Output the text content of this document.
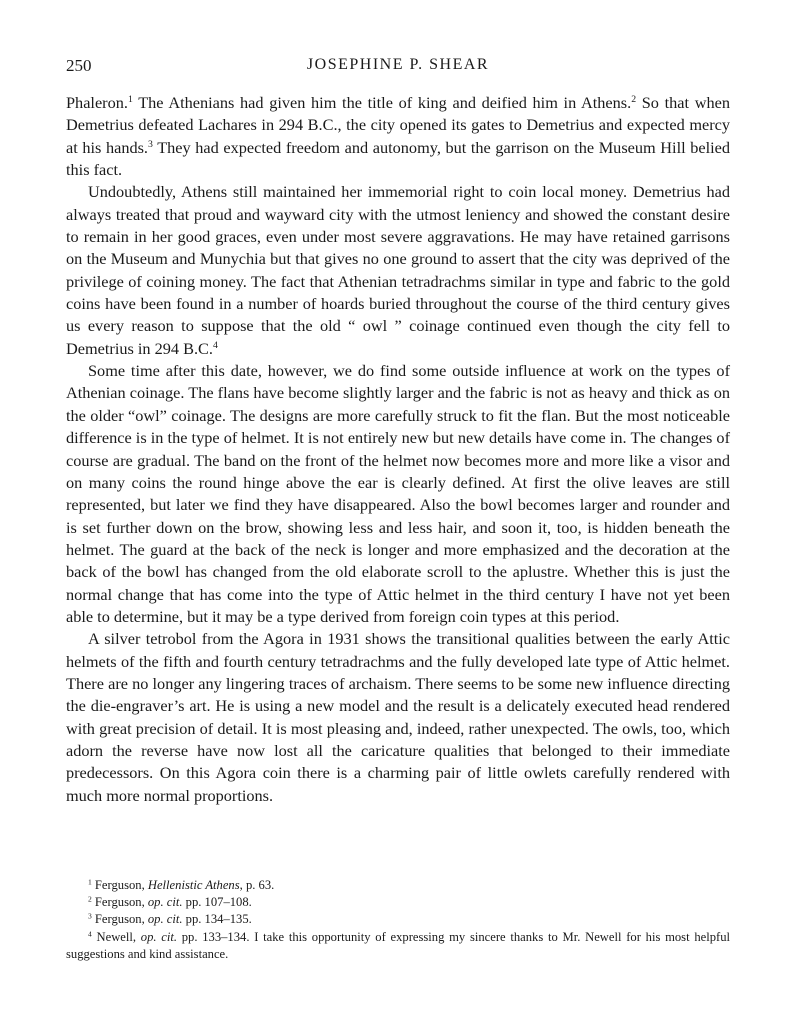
250	JOSEPHINE P. SHEAR

Phaleron.$^1$ The Athenians had given him the title of king and deified him in Athens.$^2$ So that when Demetrius defeated Lachares in 294 B.C., the city opened its gates to Demetrius and expected mercy at his hands.$^3$ They had expected freedom and autonomy, but the garrison on the Museum Hill belied this fact.

Undoubtedly, Athens still maintained her immemorial right to coin local money. Demetrius had always treated that proud and wayward city with the utmost leniency and showed the constant desire to remain in her good graces, even under most severe aggravations. He may have retained garrisons on the Museum and Munychia but that gives no one ground to assert that the city was deprived of the privilege of coining money. The fact that Athenian tetradrachms similar in type and fabric to the gold coins have been found in a number of hoards buried throughout the course of the third century gives us every reason to suppose that the old “ owl ” coinage continued even though the city fell to Demetrius in 294 B.C.$^4$

Some time after this date, however, we do find some outside influence at work on the types of Athenian coinage. The flans have become slightly larger and the fabric is not as heavy and thick as on the older “owl” coinage. The designs are more carefully struck to fit the flan. But the most noticeable difference is in the type of helmet. It is not entirely new but new details have come in. The changes of course are gradual. The band on the front of the helmet now becomes more and more like a visor and on many coins the round hinge above the ear is clearly defined. At first the olive leaves are still represented, but later we find they have disappeared. Also the bowl becomes larger and rounder and is set further down on the brow, showing less and less hair, and soon it, too, is hidden beneath the helmet. The guard at the back of the neck is longer and more emphasized and the decoration at the back of the bowl has changed from the old elaborate scroll to the aplustre. Whether this is just the normal change that has come into the type of Attic helmet in the third century I have not yet been able to determine, but it may be a type derived from foreign coin types at this period.

A silver tetrobol from the Agora in 1931 shows the transitional qualities between the early Attic helmets of the fifth and fourth century tetradrachms and the fully developed late type of Attic helmet. There are no longer any lingering traces of archaism. There seems to be some new influence directing the die-engraver’s art. He is using a new model and the result is a delicately executed head rendered with great precision of detail. It is most pleasing and, indeed, rather unexpected. The owls, too, which adorn the reverse have now lost all the caricature qualities that belonged to their immediate predecessors. On this Agora coin there is a charming pair of little owlets carefully rendered with much more normal proportions.

$^1$ Ferguson, Hellenistic Athens, p. 63.

$^2$ Ferguson, op. cit. pp. 107–108.

$^3$ Ferguson, op. cit. pp. 134–135.

$^4$ Newell, op. cit. pp. 133–134. I take this opportunity of expressing my sincere thanks to Mr. Newell for his most helpful suggestions and kind assistance.
